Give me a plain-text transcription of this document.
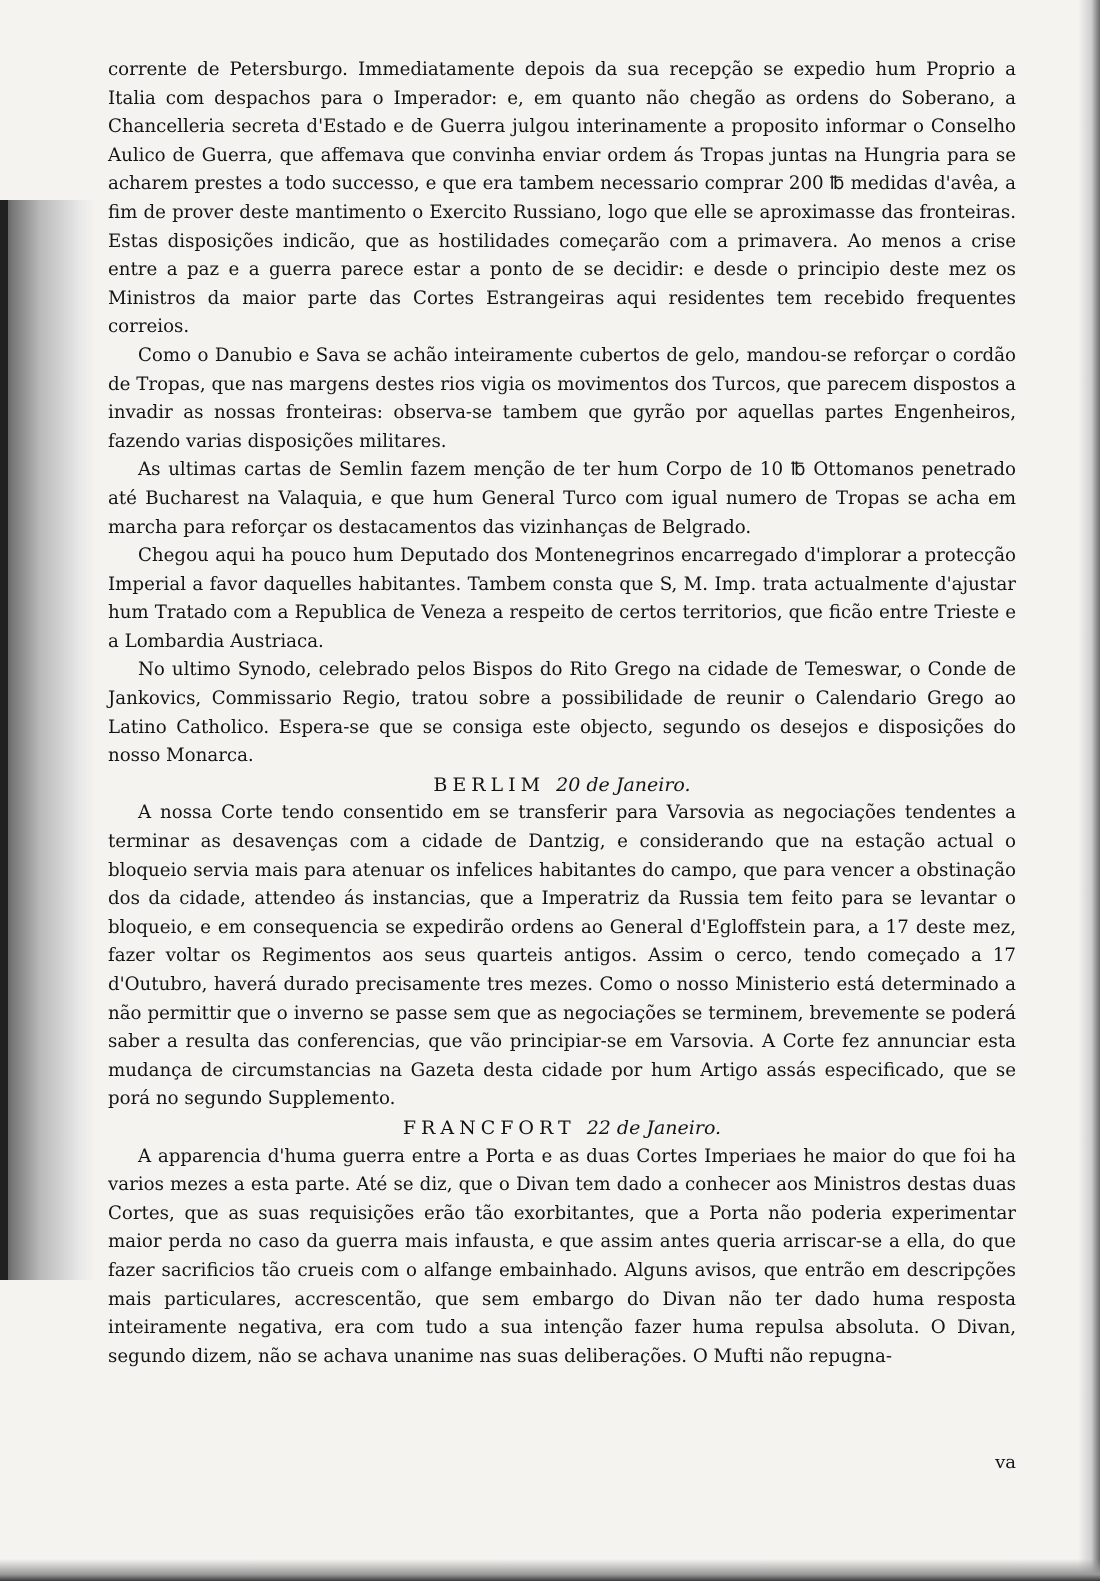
corrente de Petersburgo. Immediatamente depois da sua recepção se expedio hum Proprio a Italia com despachos para o Imperador: e, em quanto não chegão as ordens do Soberano, a Chancelleria secreta d'Estado e de Guerra julgou interinamente a proposito informar o Conselho Aulico de Guerra, que affemava que convinha enviar ordem ás Tropas juntas na Hungria para se acharem prestes a todo successo, e que era tambem necessario comprar 200 ℔ medidas d'avêa, a fim de prover deste mantimento o Exercito Russiano, logo que elle se aproximasse das fronteiras. Estas disposições indicão, que as hostilidades começarão com a primavera. Ao menos a crise entre a paz e a guerra parece estar a ponto de se decidir: e desde o principio deste mez os Ministros da maior parte das Cortes Estrangeiras aqui residentes tem recebido frequentes correios.

Como o Danubio e Sava se achão inteiramente cubertos de gelo, mandou-se reforçar o cordão de Tropas, que nas margens destes rios vigia os movimentos dos Turcos, que parecem dispostos a invadir as nossas fronteiras: observa-se tambem que gyrão por aquellas partes Engenheiros, fazendo varias disposições militares.

As ultimas cartas de Semlin fazem menção de ter hum Corpo de 10 ℔ Ottomanos penetrado até Bucharest na Valaquia, e que hum General Turco com igual numero de Tropas se acha em marcha para reforçar os destacamentos das vizinhanças de Belgrado.

Chegou aqui ha pouco hum Deputado dos Montenegrinos encarregado d'implorar a protecção Imperial a favor daquelles habitantes. Tambem consta que S, M. Imp. trata actualmente d'ajustar hum Tratado com a Republica de Veneza a respeito de certos territorios, que ficão entre Trieste e a Lombardia Austriaca.

No ultimo Synodo, celebrado pelos Bispos do Rito Grego na cidade de Temeswar, o Conde de Jankovics, Commissario Regio, tratou sobre a possibilidade de reunir o Calendario Grego ao Latino Catholico. Espera-se que se consiga este objecto, segundo os desejos e disposições do nosso Monarca.

BERLIM 20 de Janeiro.

A nossa Corte tendo consentido em se transferir para Varsovia as negociações tendentes a terminar as desavenças com a cidade de Dantzig, e considerando que na estação actual o bloqueio servia mais para atenuar os infelices habitantes do campo, que para vencer a obstinação dos da cidade, attendeo ás instancias, que a Imperatriz da Russia tem feito para se levantar o bloqueio, e em consequencia se expedirão ordens ao General d'Egloffstein para, a 17 deste mez, fazer voltar os Regimentos aos seus quarteis antigos. Assim o cerco, tendo começado a 17 d'Outubro, haverá durado precisamente tres mezes. Como o nosso Ministerio está determinado a não permittir que o inverno se passe sem que as negociações se terminem, brevemente se poderá saber a resulta das conferencias, que vão principiar-se em Varsovia. A Corte fez annunciar esta mudança de circumstancias na Gazeta desta cidade por hum Artigo assás especificado, que se porá no segundo Supplemento.

FRANCFORT 22 de Janeiro.

A apparencia d'huma guerra entre a Porta e as duas Cortes Imperiaes he maior do que foi ha varios mezes a esta parte. Até se diz, que o Divan tem dado a conhecer aos Ministros destas duas Cortes, que as suas requisições erão tão exorbitantes, que a Porta não poderia experimentar maior perda no caso da guerra mais infausta, e que assim antes queria arriscar-se a ella, do que fazer sacrificios tão crueis com o alfange embainhado. Alguns avisos, que entrão em descripções mais particulares, accrescentão, que sem embargo do Divan não ter dado huma resposta inteiramente negativa, era com tudo a sua intenção fazer huma repulsa absoluta. O Divan, segundo dizem, não se achava unanime nas suas deliberações. O Mufti não repugna-

va
